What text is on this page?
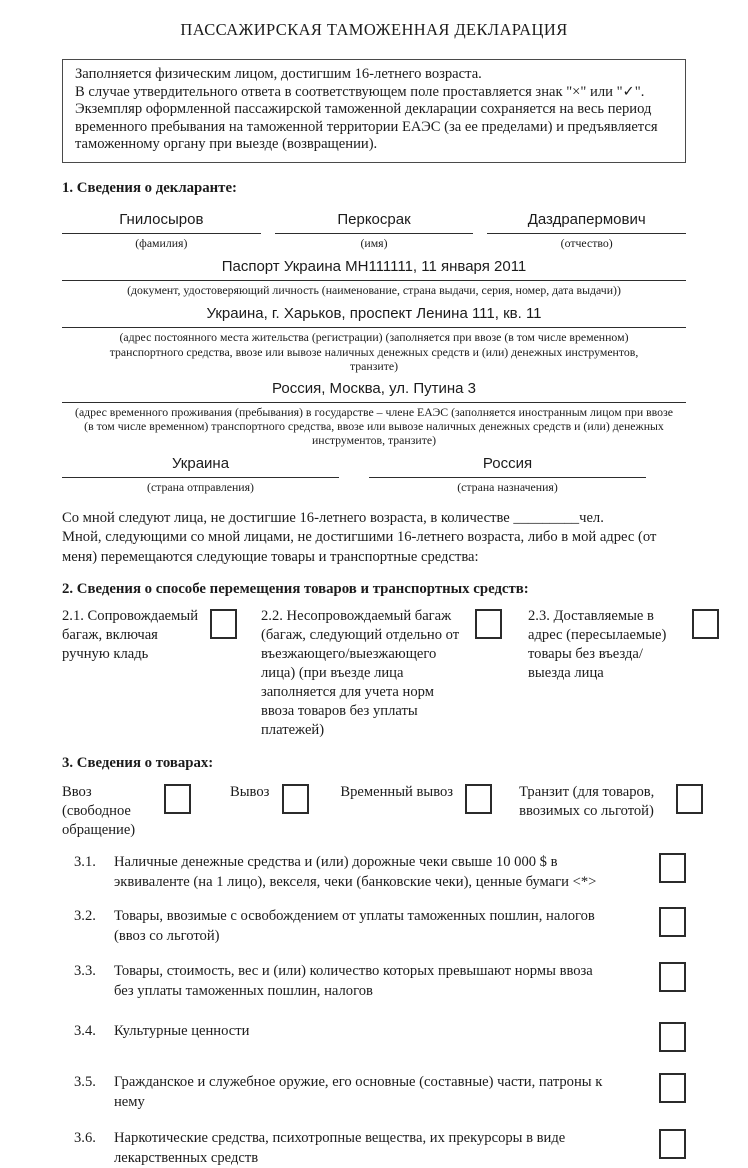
ПАССАЖИРСКАЯ ТАМОЖЕННАЯ ДЕКЛАРАЦИЯ
Заполняется физическим лицом, достигшим 16-летнего возраста.
В случае утвердительного ответа в соответствующем поле проставляется знак "×" или "✓".
Экземпляр оформленной пассажирской таможенной декларации сохраняется на весь период временного пребывания на таможенной территории ЕАЭС (за ее пределами) и предъявляется таможенному органу при выезде (возвращении).
1. Сведения о декларанте:
Гнилосыров
(фамилия)
Перкосрак
(имя)
Даздрапермович
(отчество)
Паспорт Украина МН111111, 11 января 2011
(документ, удостоверяющий личность (наименование, страна выдачи, серия, номер, дата выдачи))
Украина, г. Харьков, проспект Ленина 111, кв. 11
(адрес постоянного места жительства (регистрации) (заполняется при ввозе (в том числе временном) транспортного средства, ввозе или вывозе наличных денежных средств и (или) денежных инструментов, транзите)
Россия, Москва, ул. Путина 3
(адрес временного проживания (пребывания) в государстве – члене ЕАЭС (заполняется иностранным лицом при ввозе (в том числе временном) транспортного средства, ввозе или вывозе наличных денежных средств и (или) денежных инструментов, транзите)
Украина
(страна отправления)
Россия
(страна назначения)
Со мной следуют лица, не достигшие 16-летнего возраста, в количестве _________чел.
Мной, следующими со мной лицами, не достигшими 16-летнего возраста, либо в мой адрес (от меня) перемещаются следующие товары и транспортные средства:
2. Сведения о способе перемещения товаров и транспортных средств:
2.1. Сопровождаемый багаж, включая ручную кладь
2.2. Несопровождаемый багаж (багаж, следующий отдельно от въезжающего/выезжающего лица) (при въезде лица заполняется для учета норм ввоза товаров без уплаты платежей)
2.3. Доставляемые в адрес (пересылаемые) товары без въезда/выезда лица
3. Сведения о товарах:
Ввоз (свободное обращение)
Вывоз	Временный вывоз	Транзит (для товаров, ввозимых со льготой)
3.1.	Наличные денежные средства и (или) дорожные чеки свыше 10 000 $ в эквиваленте (на 1 лицо), векселя, чеки (банковские чеки), ценные бумаги <*>
3.2.	Товары, ввозимые с освобождением от уплаты таможенных пошлин, налогов (ввоз со льготой)
3.3.	Товары, стоимость, вес и (или) количество которых превышают нормы ввоза без уплаты таможенных пошлин, налогов
3.4.	Культурные ценности
3.5.	Гражданское и служебное оружие, его основные (составные) части, патроны к нему
3.6.	Наркотические средства, психотропные вещества, их прекурсоры в виде лекарственных средств
